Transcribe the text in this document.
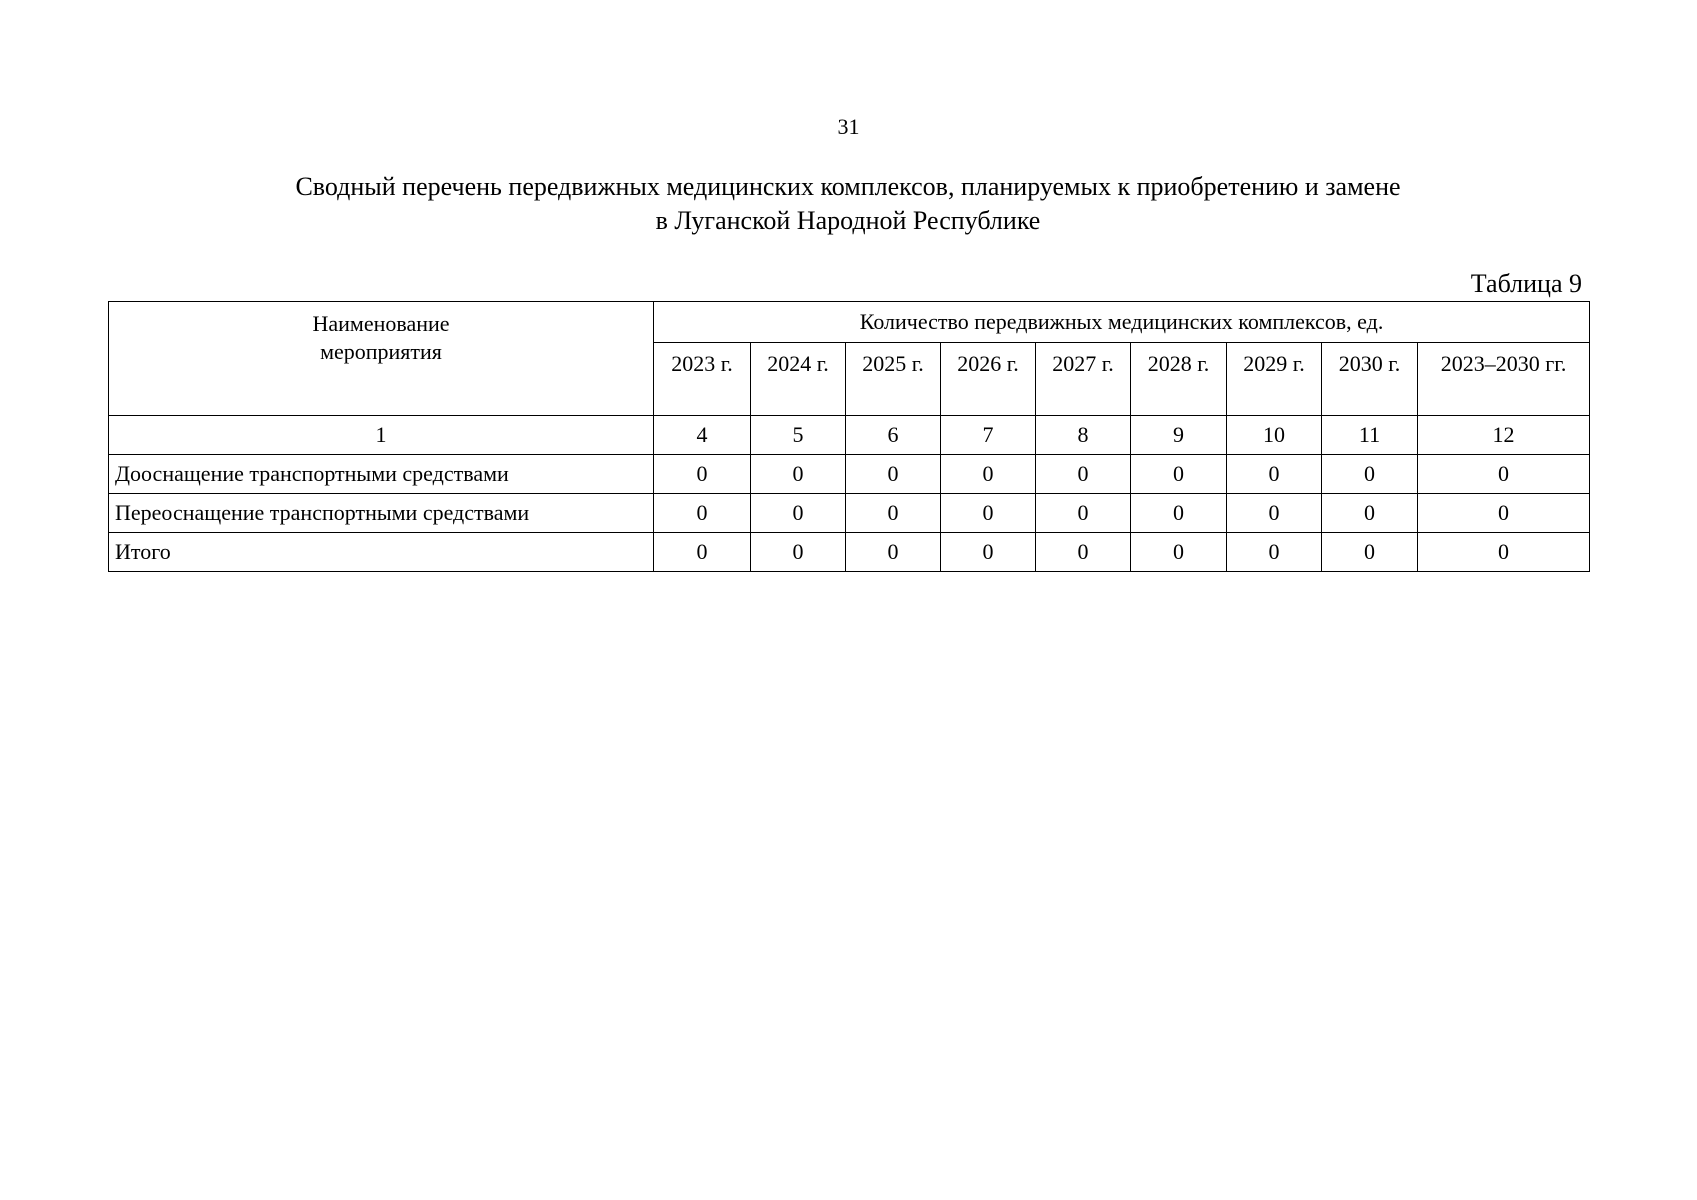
31
Сводный перечень передвижных медицинских комплексов, планируемых к приобретению и замене
в Луганской Народной Республике
Таблица 9
Наименование
мероприятия	Количество передвижных медицинских комплексов, ед.								
	2023 г.	2024 г.	2025 г.	2026 г.	2027 г.	2028 г.	2029 г.	2030 г.	2023–2030 гг.
1	4	5	6	7	8	9	10	11	12
Дооснащение транспортными средствами	0	0	0	0	0	0	0	0	0
Переоснащение транспортными средствами	0	0	0	0	0	0	0	0	0
Итого	0	0	0	0	0	0	0	0	0
